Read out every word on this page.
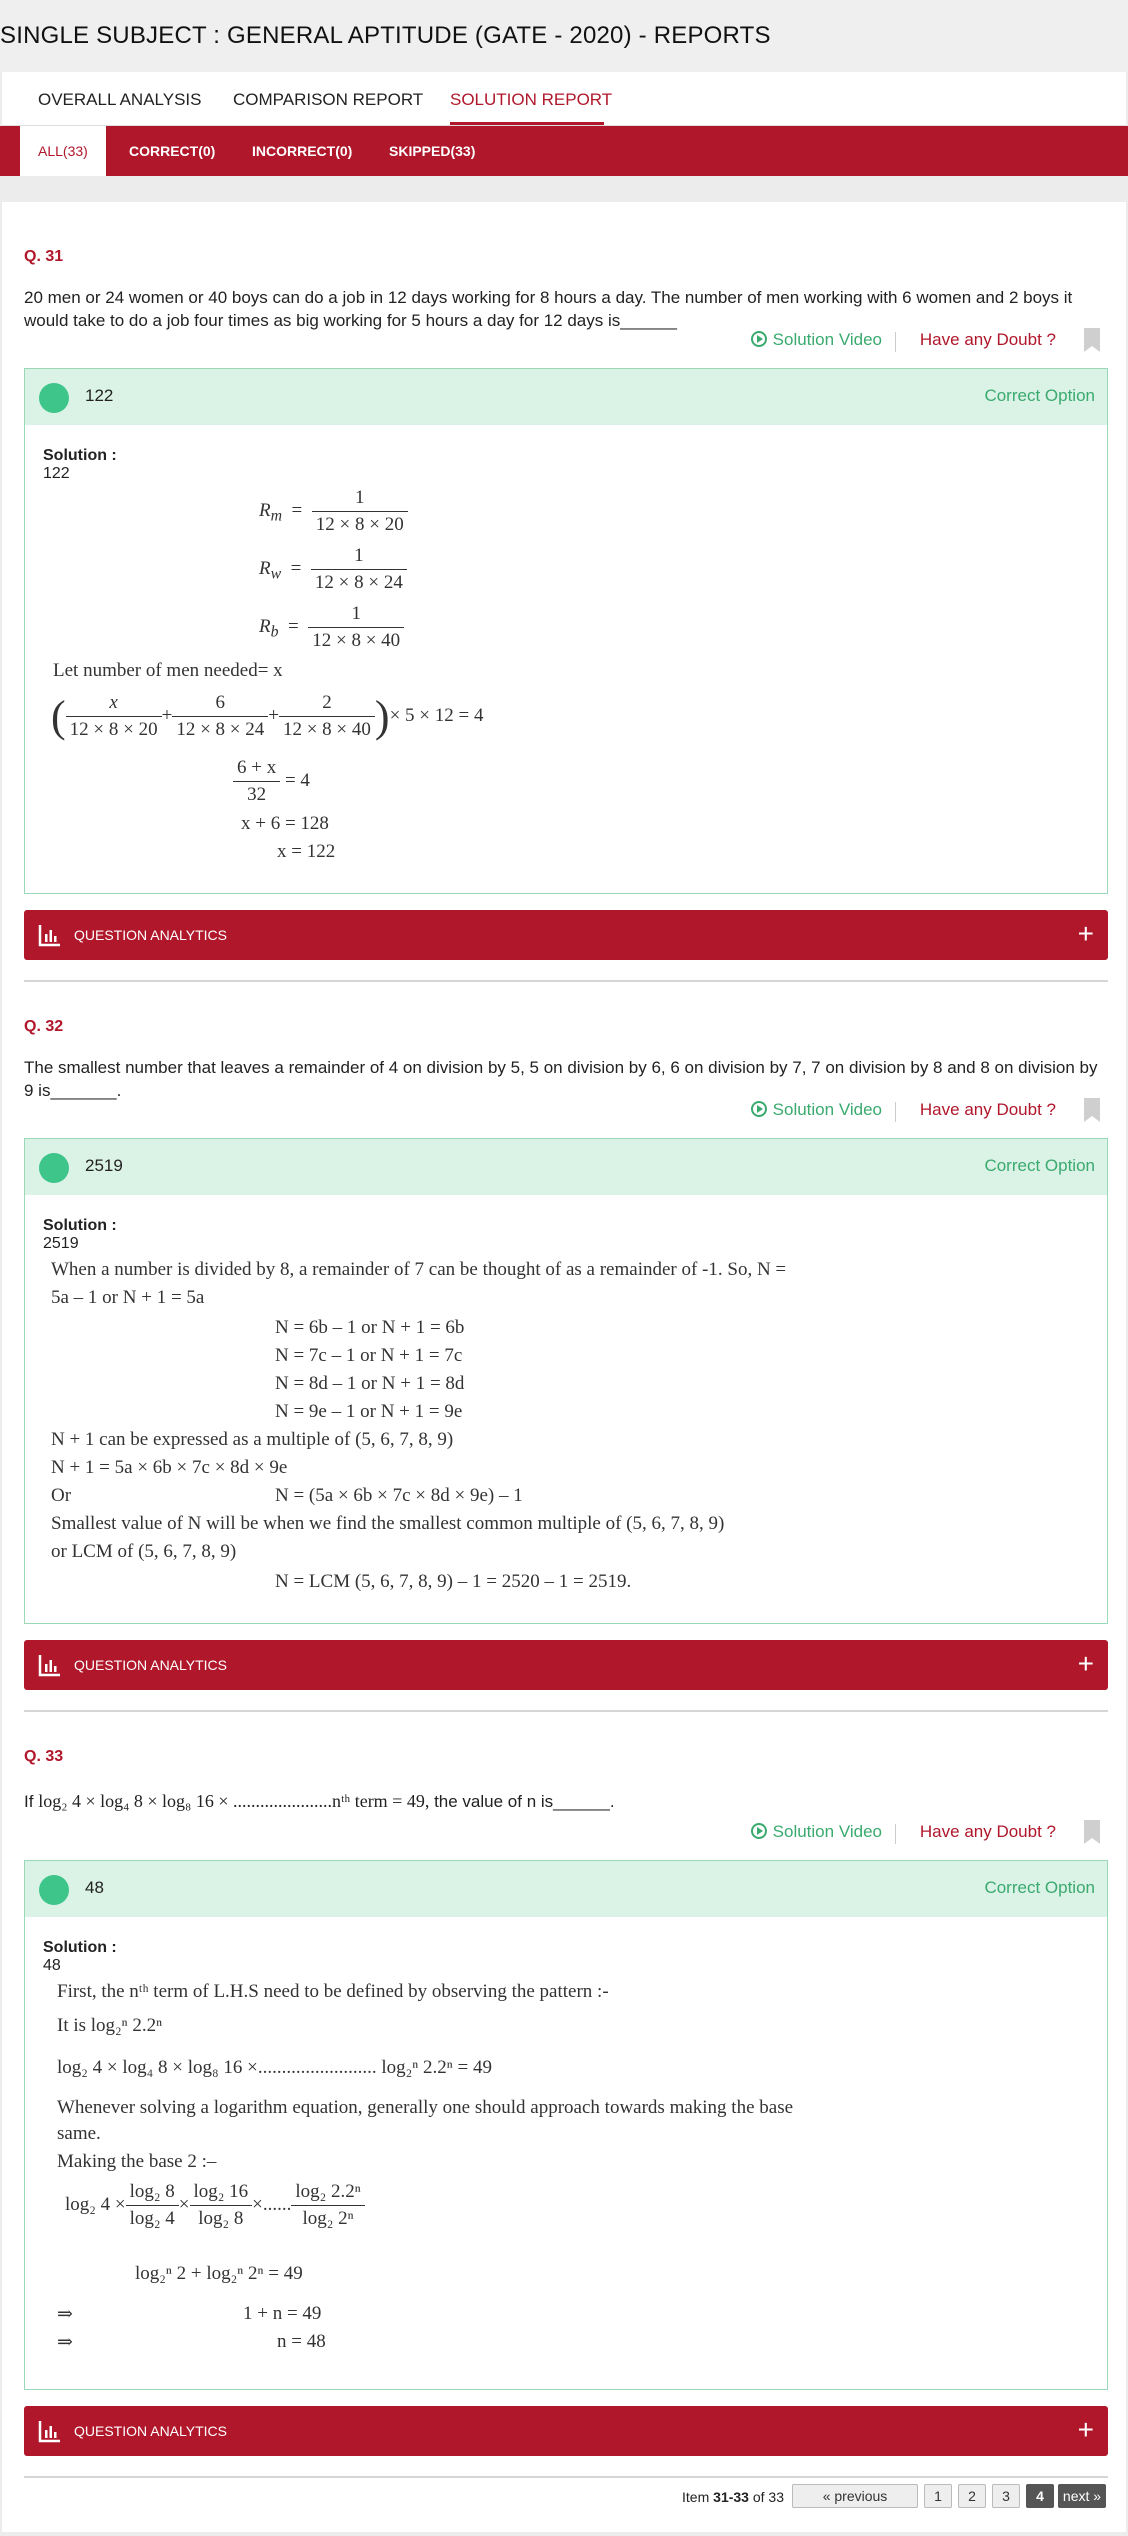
SINGLE SUBJECT : GENERAL APTITUDE (GATE - 2020) - REPORTS
OVERALL ANALYSIS COMPARISON REPORT SOLUTION REPORT
ALL(33)	CORRECT(0)	INCORRECT(0)	SKIPPED(33)
Q. 31
20 men or 24 women or 40 boys can do a job in 12 days working for 8 hours a day. The number of men working with 6 women and 2 boys it would take to do a job four times as big working for 5 hours a day for 12 days is______
Solution Video Have any Doubt ?
122	Correct Option
Solution :
122
$R_m = \frac{1}{12 \times 8 \times 20}$
$R_w = \frac{1}{12 \times 8 \times 24}$
$R_b = \frac{1}{12 \times 8 \times 40}$
Let number of men needed= x
( $\frac{x}{12 \times 8 \times 20} + \frac{6}{12 \times 8 \times 24} + \frac{2}{12 \times 8 \times 40}$ )× 5 × 12 = 4
$\frac{6 + x}{32} = 4$
x + 6 = 128
x = 122
QUESTION ANALYTICS	+
Q. 32
The smallest number that leaves a remainder of 4 on division by 5, 5 on division by 6, 6 on division by 7, 7 on division by 8 and 8 on division by 9 is_______.
Solution Video Have any Doubt ?
2519	Correct Option
Solution :
2519
When a number is divided by 8, a remainder of 7 can be thought of as a remainder of -1. So, N =
5a – 1 or N + 1 = 5a
N = 6b – 1 or N + 1 = 6b
N = 7c – 1 or N + 1 = 7c
N = 8d – 1 or N + 1 = 8d
N = 9e – 1 or N + 1 = 9e
N + 1 can be expressed as a multiple of (5, 6, 7, 8, 9)
N + 1 = 5a × 6b × 7c × 8d × 9e
Or	N = (5a × 6b × 7c × 8d × 9e) – 1
Smallest value of N will be when we find the smallest common multiple of (5, 6, 7, 8, 9)
or LCM of (5, 6, 7, 8, 9)
N = LCM (5, 6, 7, 8, 9) – 1 = 2520 – 1 = 2519.
QUESTION ANALYTICS	+
Q. 33
If log₂ 4 × log₄ 8 × log₈ 16 × ......................nᵗʰ term = 49, the value of n is______.
Solution Video Have any Doubt ?
48	Correct Option
Solution :
48
First, the nᵗʰ term of L.H.S need to be defined by observing the pattern :-
It is log₂ⁿ 2.2ⁿ
log₂ 4 × log₄ 8 × log₈ 16 ×......................... log₂ⁿ 2.2ⁿ = 49
Whenever solving a logarithm equation, generally one should approach towards making the base
same.
Making the base 2 :–
log₂ $4 \times \frac{\text{log₂ 8}}{\text{log₂ 4}} \times \frac{\text{log₂ 16}}{\text{log₂ 8}}$ ×...... $\frac{\text{log₂ 2.2ⁿ}}{\text{log₂ 2ⁿ}}$
log₂ⁿ 2 + log₂ⁿ 2ⁿ = 49
⇒	1 + n = 49
⇒	n = 48
QUESTION ANALYTICS	+
Item 31-33 of 33	« previous	1	2	3	4	next »
